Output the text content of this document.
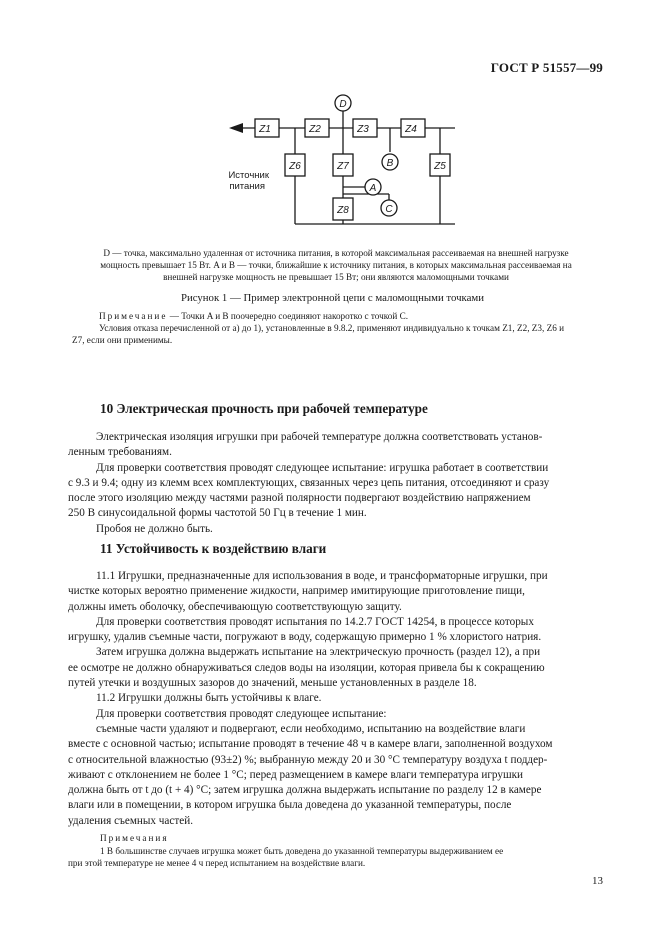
ГОСТ Р 51557—99
Z1	Z2	Z3	Z4
Z6	Z7	Z5
Z8
D
B
A
C
Источник
питания
D — точка, максимально удаленная от источника питания, в которой максимальная рассеиваемая на внешней нагрузке
мощность превышает 15 Вт. A и B — точки, ближайшие к источнику питания, в которых максимальная рассеиваемая на
внешней нагрузке мощность не превышает 15 Вт; они являются маломощными точками
Рисунок 1 — Пример электронной цепи с маломощными точками
Примечание — Точки A и B поочередно соединяют накоротко с точкой C.
Условия отказа перечисленной от а) до 1), установленные в 9.8.2, применяют индивидуально к точкам Z1, Z2, Z3, Z6 и
Z7, если они применимы.
10 Электрическая прочность при рабочей температуре
Электрическая изоляция игрушки при рабочей температуре должна соответствовать установ-
ленным требованиям.
Для проверки соответствия проводят следующее испытание: игрушка работает в соответствии
с 9.3 и 9.4; одну из клемм всех комплектующих, связанных через цепь питания, отсоединяют и сразу
после этого изоляцию между частями разной полярности подвергают воздействию напряжением
250 В синусоидальной формы частотой 50 Гц в течение 1 мин.
Пробоя не должно быть.
11 Устойчивость к воздействию влаги
11.1 Игрушки, предназначенные для использования в воде, и трансформаторные игрушки, при
чистке которых вероятно применение жидкости, например имитирующие приготовление пищи,
должны иметь оболочку, обеспечивающую соответствующую защиту.
Для проверки соответствия проводят испытания по 14.2.7 ГОСТ 14254, в процессе которых
игрушку, удалив съемные части, погружают в воду, содержащую примерно 1 % хлористого натрия.
Затем игрушка должна выдержать испытание на электрическую прочность (раздел 12), а при
ее осмотре не должно обнаруживаться следов воды на изоляции, которая привела бы к сокращению
путей утечки и воздушных зазоров до значений, меньше установленных в разделе 18.
11.2 Игрушки должны быть устойчивы к влаге.
Для проверки соответствия проводят следующее испытание:
съемные части удаляют и подвергают, если необходимо, испытанию на воздействие влаги
вместе с основной частью; испытание проводят в течение 48 ч в камере влаги, заполненной воздухом
с относительной влажностью (93±2) %; выбранную между 20 и 30 °С температуру воздуха t поддер-
живают с отклонением не более 1 °С; перед размещением в камере влаги температура игрушки
должна быть от t до (t + 4) °С; затем игрушка должна выдержать испытание по разделу 12 в камере
влаги или в помещении, в котором игрушка была доведена до указанной температуры, после
удаления съемных частей.
Примечания
1 В большинстве случаев игрушка может быть доведена до указанной температуры выдерживанием ее
при этой температуре не менее 4 ч перед испытанием на воздействие влаги.
13
